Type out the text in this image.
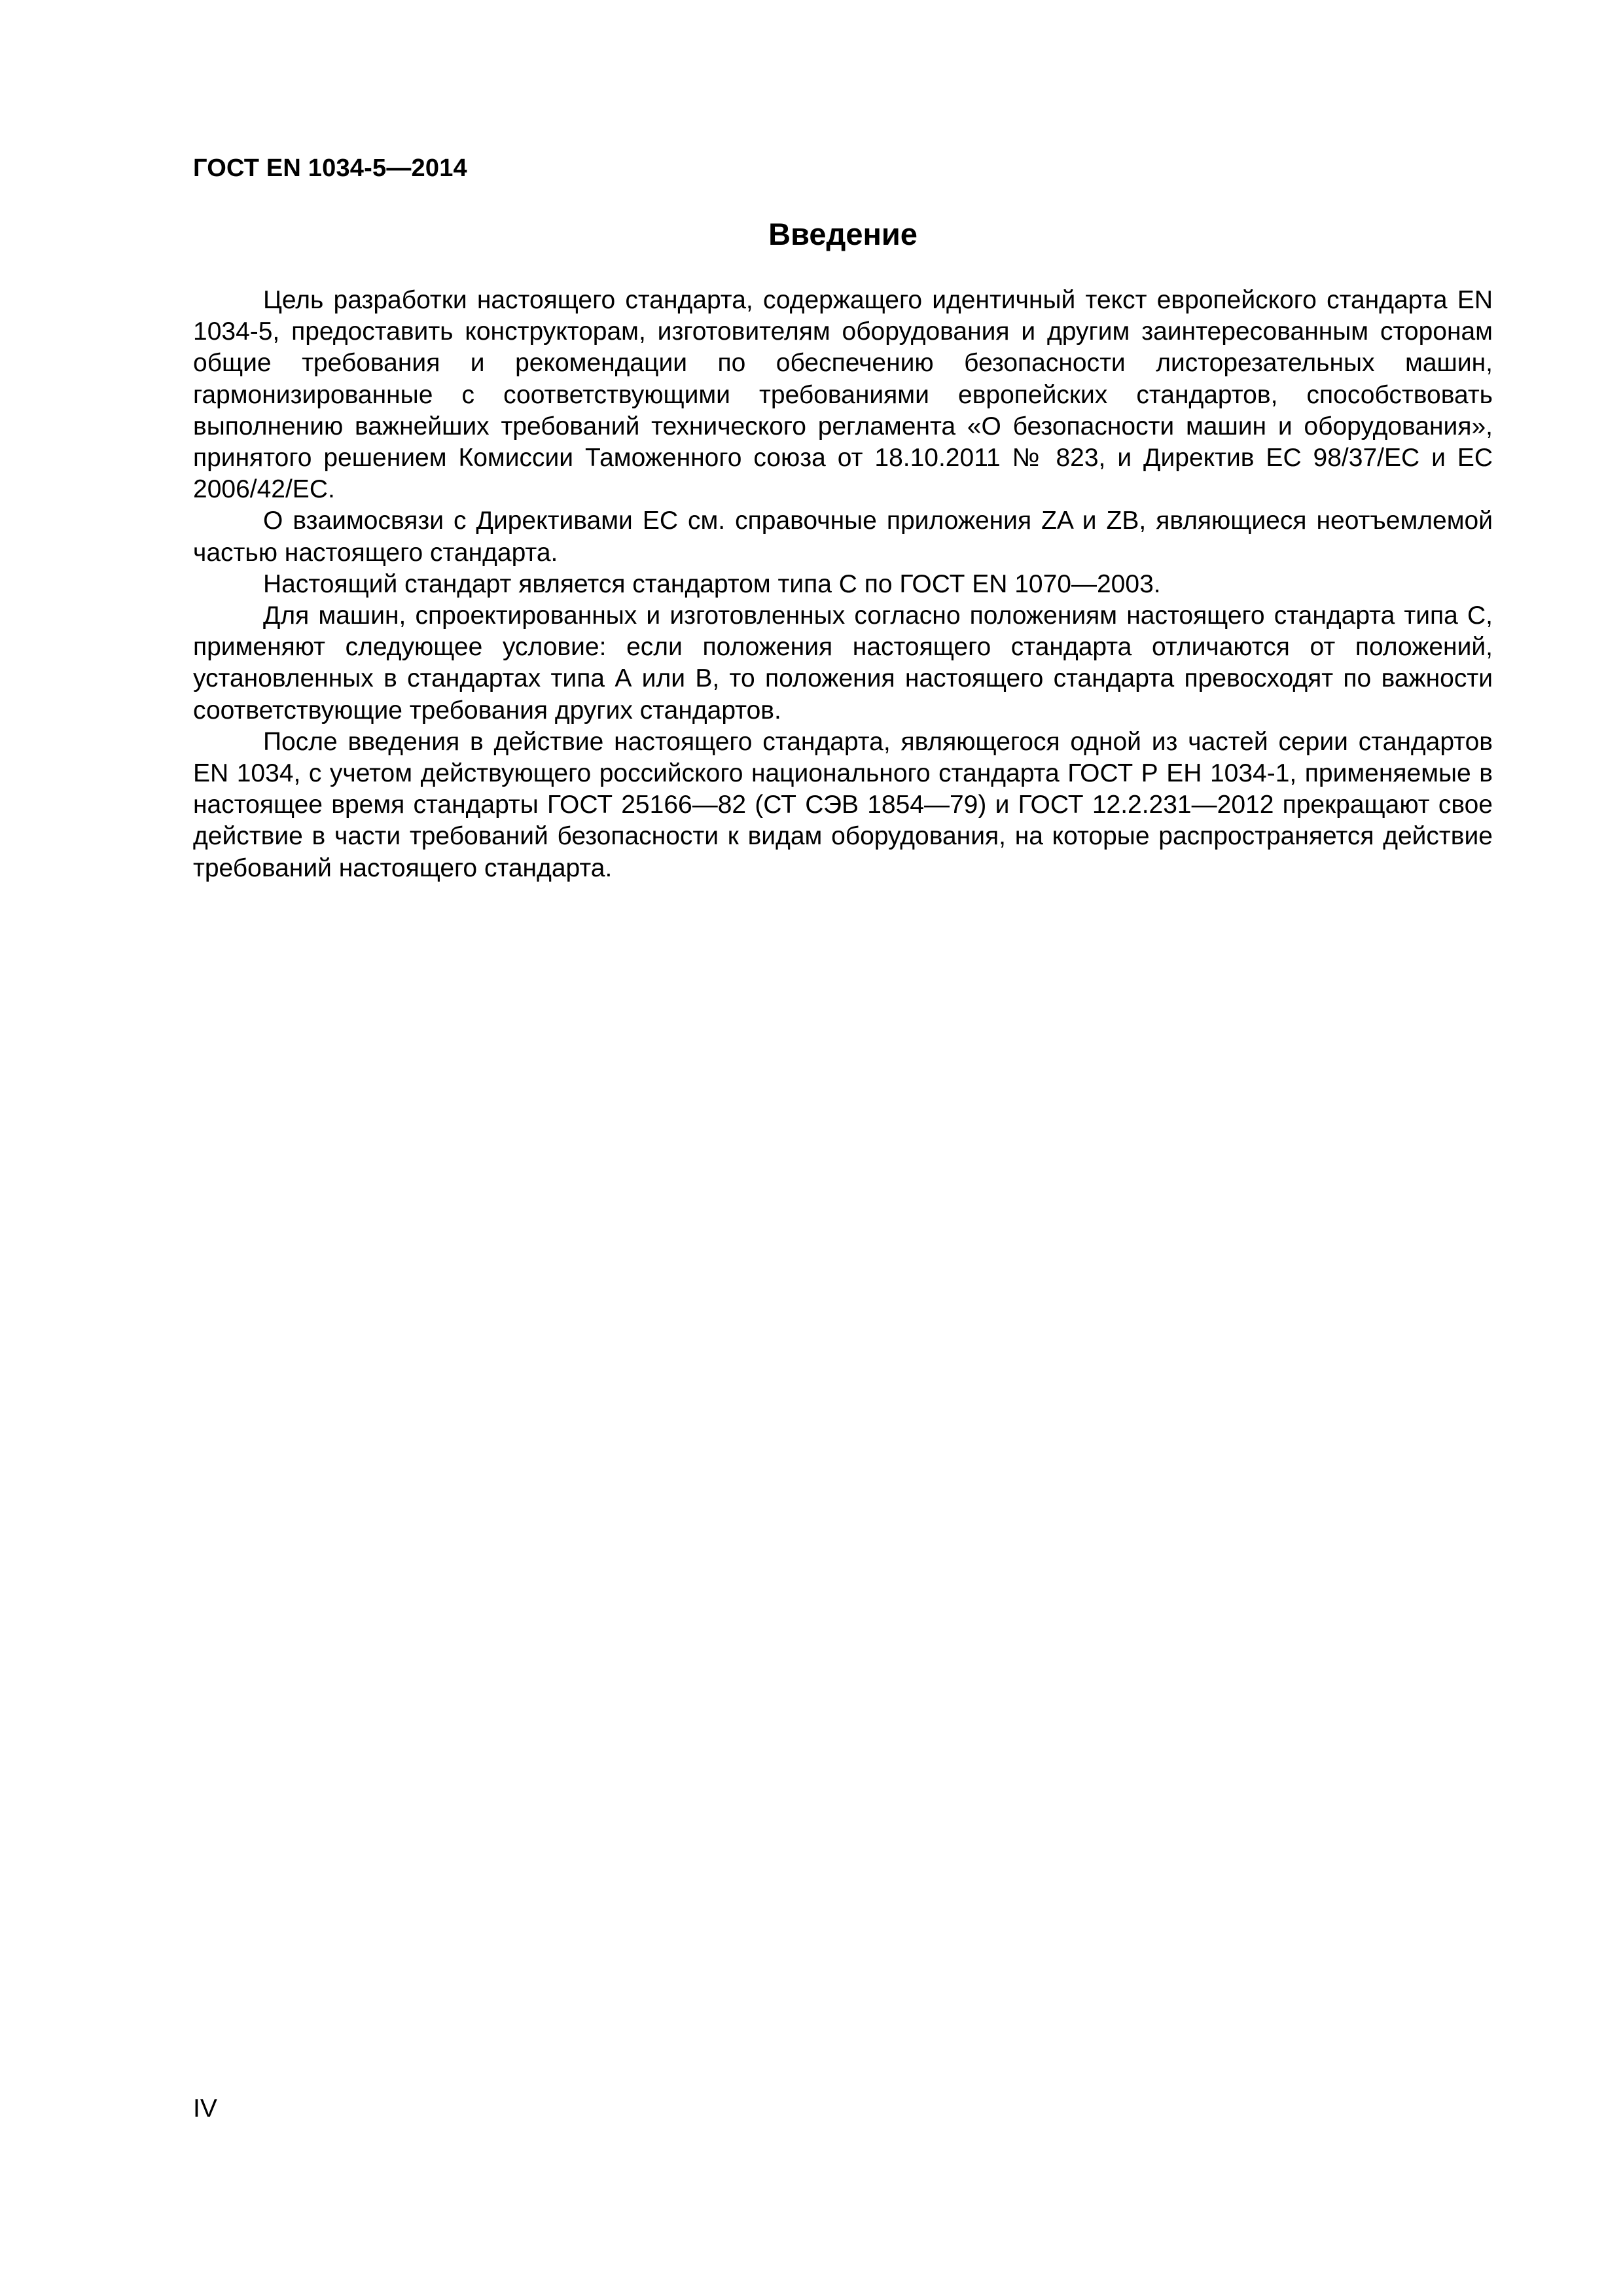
ГОСТ EN 1034-5—2014
Введение

Цель разработки настоящего стандарта, содержащего идентичный текст европейского стандарта EN 1034-5, предоставить конструкторам, изготовителям оборудования и другим заинтересованным сторонам общие требования и рекомендации по обеспечению безопасности листорезательных машин, гармонизированные с соответствующими требованиями европейских стандартов, способствовать выполнению важнейших требований технического регламента «О безопасности машин и оборудования», принятого решением Комиссии Таможенного союза от 18.10.2011 № 823, и Директив ЕС 98/37/ЕС и ЕС 2006/42/ЕС.

О взаимосвязи с Директивами ЕС см. справочные приложения ZA и ZB, являющиеся неотъемлемой частью настоящего стандарта.

Настоящий стандарт является стандартом типа С по ГОСТ EN 1070—2003.

Для машин, спроектированных и изготовленных согласно положениям настоящего стандарта типа С, применяют следующее условие: если положения настоящего стандарта отличаются от положений, установленных в стандартах типа А или В, то положения настоящего стандарта превосходят по важности соответствующие требования других стандартов.

После введения в действие настоящего стандарта, являющегося одной из частей серии стандартов EN 1034, с учетом действующего российского национального стандарта ГОСТ Р ЕН 1034-1, применяемые в настоящее время стандарты ГОСТ 25166—82 (СТ СЭВ 1854—79) и ГОСТ 12.2.231—2012 прекращают свое действие в части требований безопасности к видам оборудования, на которые распространяется действие требований настоящего стандарта.

IV
